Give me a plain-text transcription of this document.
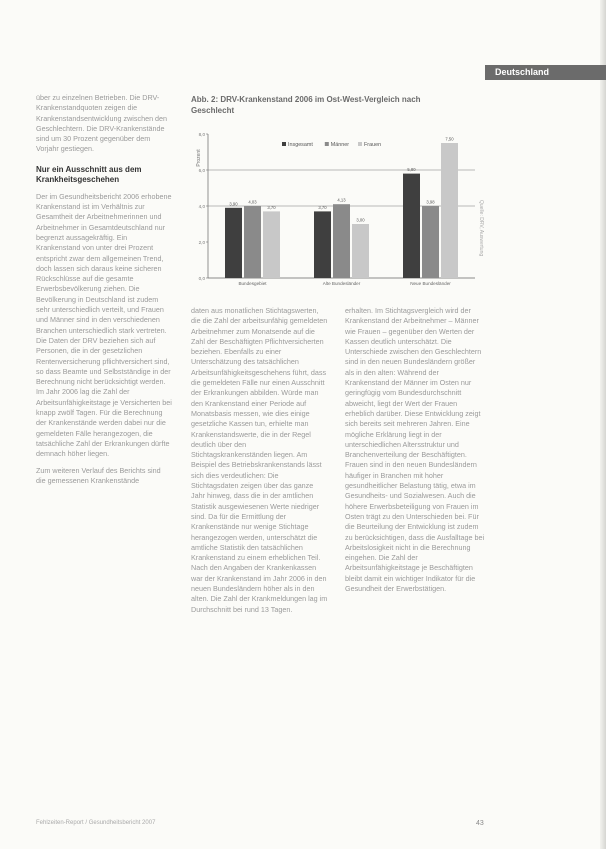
Deutschland

über zu einzelnen Betrieben. Die DRV-Krankenstandquoten zeigen die Krankenstandsentwicklung zwischen den Geschlechtern. Die DRV-Krankenstände sind um 30 Prozent gegenüber dem Vorjahr gestiegen.

Nur ein Ausschnitt aus dem Krankheitsgeschehen

Der im Gesundheitsbericht 2006 erhobene Krankenstand ist im Verhältnis zur Gesamtheit der Arbeitnehmerinnen und Arbeitnehmer in Gesamtdeutschland nur begrenzt aussagekräftig. Ein Krankenstand von unter drei Prozent entspricht zwar dem allgemeinen Trend, doch lassen sich daraus keine sicheren Rückschlüsse auf die gesamte Erwerbsbevölkerung ziehen. Die Bevölkerung in Deutschland ist zudem sehr unterschiedlich verteilt, und Frauen und Männer sind in den verschiedenen Branchen unterschiedlich stark vertreten. Die Daten der DRV beziehen sich auf Personen, die in der gesetzlichen Rentenversicherung pflichtversichert sind, so dass Beamte und Selbstständige in der Berechnung nicht berücksichtigt werden. Im Jahr 2006 lag die Zahl der Arbeitsunfähigkeitstage je Versicherten bei knapp zwölf Tagen. Für die Berechnung der Krankenstände werden dabei nur die gemeldeten Fälle herangezogen, die tatsächliche Zahl der Erkrankungen dürfte demnach höher liegen.

Zum weiteren Verlauf des Berichts sind die gemessenen Krankenstände

Abb. 2: DRV-Krankenstand 2006 im Ost-West-Vergleich nach Geschlecht
0,0
2,0
4,0
6,0
8,0
Prozent
Insgesamt	Männer	Frauen
3,90	4,03
3,70
Bundesgebiet
3,70
4,13
3,00
Alte Bundesländer
5,80
3,98
7,50
Neue Bundesländer
Quelle: DRV, Auswertung

daten aus monatlichen Stichtagswerten, die die Zahl der arbeitsunfähig gemeldeten Arbeitnehmer zum Monatsende auf die Zahl der Beschäftigten Pflichtversicherten beziehen. Ebenfalls zu einer Unterschätzung des tatsächlichen Arbeitsunfähigkeitsgeschehens führt, dass die gemeldeten Fälle nur einen Ausschnitt der Erkrankungen abbilden. Würde man den Krankenstand einer Periode auf Monatsbasis messen, wie dies einige gesetzliche Kassen tun, erhielte man Krankenstandswerte, die in der Regel deutlich über den Stichtagskrankenständen liegen. Am Beispiel des Betriebskrankenstands lässt sich dies verdeutlichen: Die Stichtagsdaten zeigen über das ganze Jahr hinweg, dass die in der amtlichen Statistik ausgewiesenen Werte niedriger sind. Da für die Ermittlung der Krankenstände nur wenige Stichtage herangezogen werden, unterschätzt die amtliche Statistik den tatsächlichen Krankenstand zu einem erheblichen Teil. Nach den Angaben der Krankenkassen war der Krankenstand im Jahr 2006 in den neuen Bundesländern höher als in den alten. Die Zahl der Krankmeldungen lag im Durchschnitt bei rund 13 Tagen.

erhalten. Im Stichtagsvergleich wird der Krankenstand der Arbeitnehmer – Männer wie Frauen – gegenüber den Werten der Kassen deutlich unterschätzt. Die Unterschiede zwischen den Geschlechtern sind in den neuen Bundesländern größer als in den alten: Während der Krankenstand der Männer im Osten nur geringfügig vom Bundesdurchschnitt abweicht, liegt der Wert der Frauen erheblich darüber. Diese Entwicklung zeigt sich bereits seit mehreren Jahren. Eine mögliche Erklärung liegt in der unterschiedlichen Altersstruktur und Branchenverteilung der Beschäftigten. Frauen sind in den neuen Bundesländern häufiger in Branchen mit hoher gesundheitlicher Belastung tätig, etwa im Gesundheits- und Sozialwesen. Auch die höhere Erwerbsbeteiligung von Frauen im Osten trägt zu den Unterschieden bei. Für die Beurteilung der Entwicklung ist zudem zu berücksichtigen, dass die Ausfalltage bei Arbeitslosigkeit nicht in die Berechnung eingehen. Die Zahl der Arbeitsunfähigkeitstage je Beschäftigten bleibt damit ein wichtiger Indikator für die Gesundheit der Erwerbstätigen.

Fehlzeiten-Report / Gesundheitsbericht 2007	43
